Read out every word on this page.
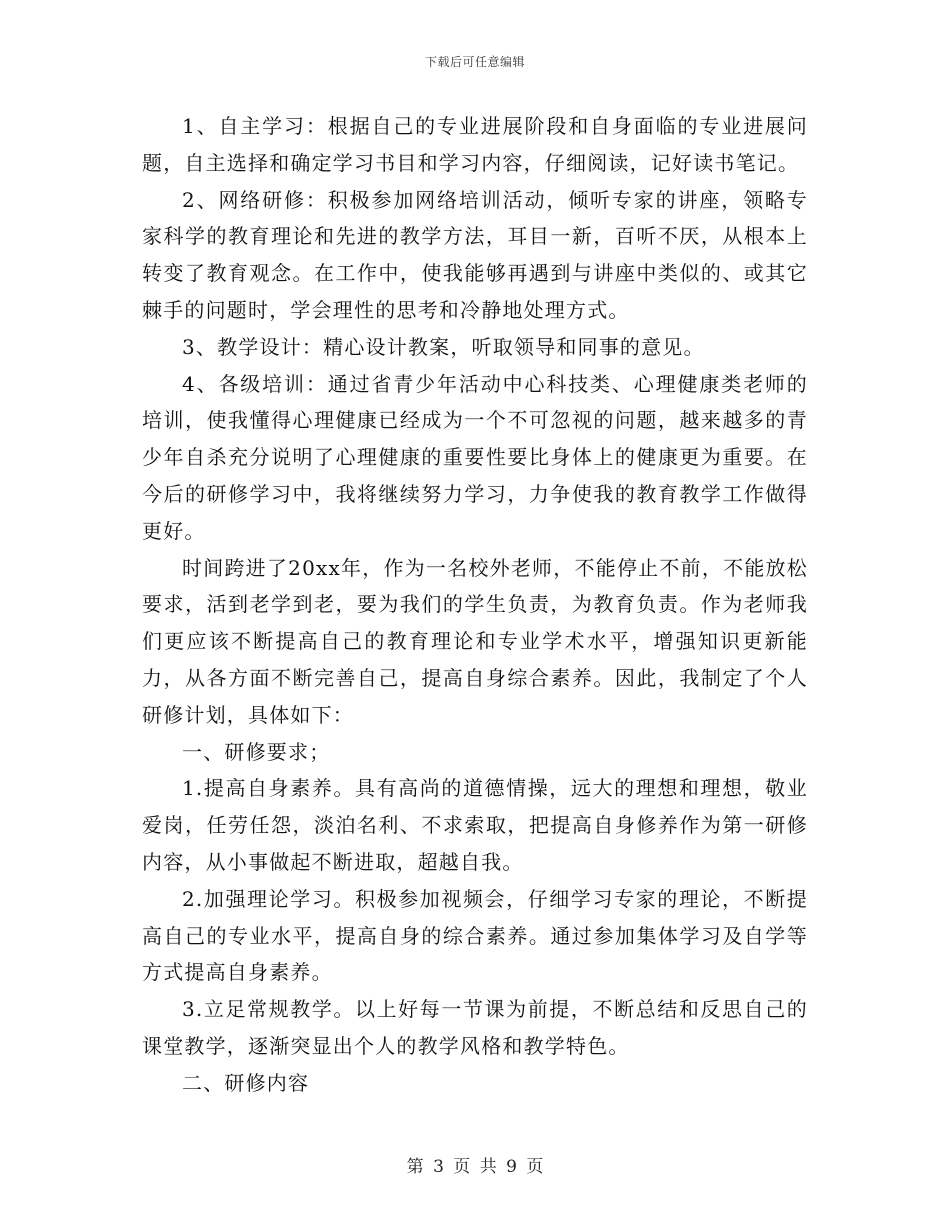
下载后可任意编辑

1、自主学习：根据自己的专业进展阶段和自身面临的专业进展问题，自主选择和确定学习书目和学习内容，仔细阅读，记好读书笔记。

2、网络研修：积极参加网络培训活动，倾听专家的讲座，领略专家科学的教育理论和先进的教学方法，耳目一新，百听不厌，从根本上转变了教育观念。在工作中，使我能够再遇到与讲座中类似的、或其它棘手的问题时，学会理性的思考和冷静地处理方式。

3、教学设计：精心设计教案，听取领导和同事的意见。

4、各级培训：通过省青少年活动中心科技类、心理健康类老师的培训，使我懂得心理健康已经成为一个不可忽视的问题，越来越多的青少年自杀充分说明了心理健康的重要性要比身体上的健康更为重要。在今后的研修学习中，我将继续努力学习，力争使我的教育教学工作做得更好。

时间跨进了20xx年，作为一名校外老师，不能停止不前，不能放松要求，活到老学到老，要为我们的学生负责，为教育负责。作为老师我们更应该不断提高自己的教育理论和专业学术水平，增强知识更新能力，从各方面不断完善自己，提高自身综合素养。因此，我制定了个人研修计划，具体如下：

一、研修要求；

1.提高自身素养。具有高尚的道德情操，远大的理想和理想，敬业爱岗，任劳任怨，淡泊名利、不求索取，把提高自身修养作为第一研修内容，从小事做起不断进取，超越自我。

2.加强理论学习。积极参加视频会，仔细学习专家的理论，不断提高自己的专业水平，提高自身的综合素养。通过参加集体学习及自学等方式提高自身素养。

3.立足常规教学。以上好每一节课为前提，不断总结和反思自己的课堂教学，逐渐突显出个人的教学风格和教学特色。

二、研修内容

第 3 页 共 9 页
